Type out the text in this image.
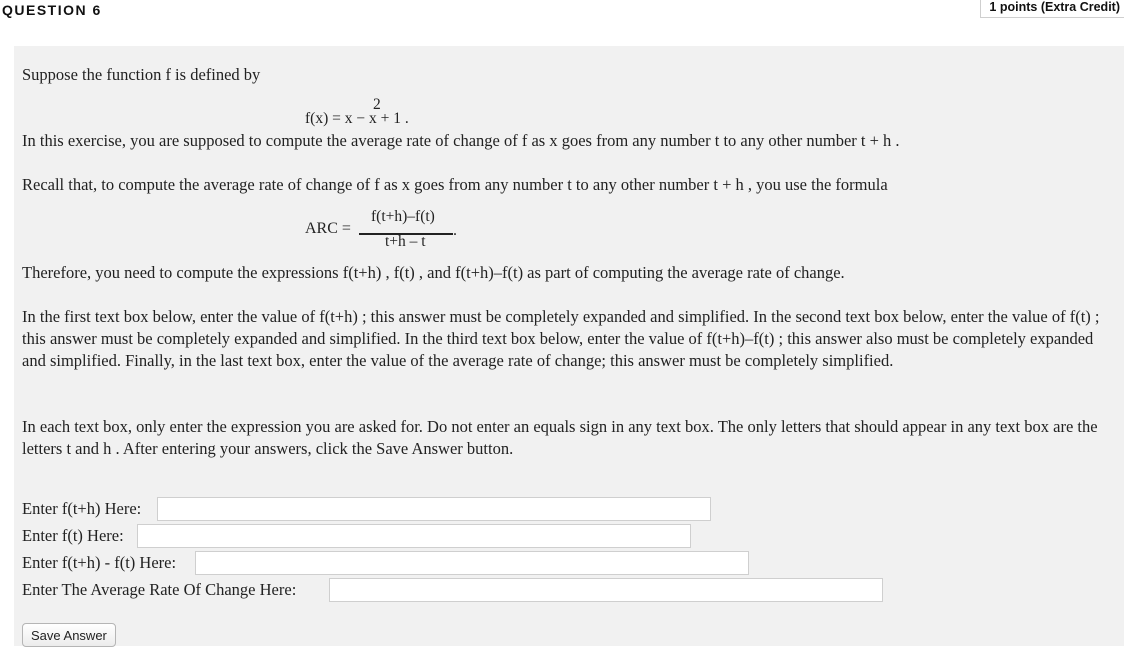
QUESTION 6	1 points (Extra Credit)
Suppose the function f is defined by
2
f(x) = x − x + 1 .
In this exercise, you are supposed to compute the average rate of change of f as x goes from any number t to any other number t + h .
Recall that, to compute the average rate of change of f as x goes from any number t to any other number t + h , you use the formula
ARC =
f(t+h)–f(t)
t+h – t
.
Therefore, you need to compute the expressions f(t+h) , f(t) , and f(t+h)–f(t) as part of computing the average rate of change.
In the first text box below, enter the value of f(t+h) ; this answer must be completely expanded and simplified. In the second text box below, enter the value of f(t) ; this answer must be completely expanded and simplified. In the third text box below, enter the value of f(t+h)–f(t) ; this answer also must be completely expanded and simplified. Finally, in the last text box, enter the value of the average rate of change; this answer must be completely simplified.
In each text box, only enter the expression you are asked for. Do not enter an equals sign in any text box. The only letters that should appear in any text box are the letters t and h . After entering your answers, click the Save Answer button.
Enter f(t+h) Here:
Enter f(t) Here:
Enter f(t+h) - f(t) Here:
Enter The Average Rate Of Change Here:
Save Answer
